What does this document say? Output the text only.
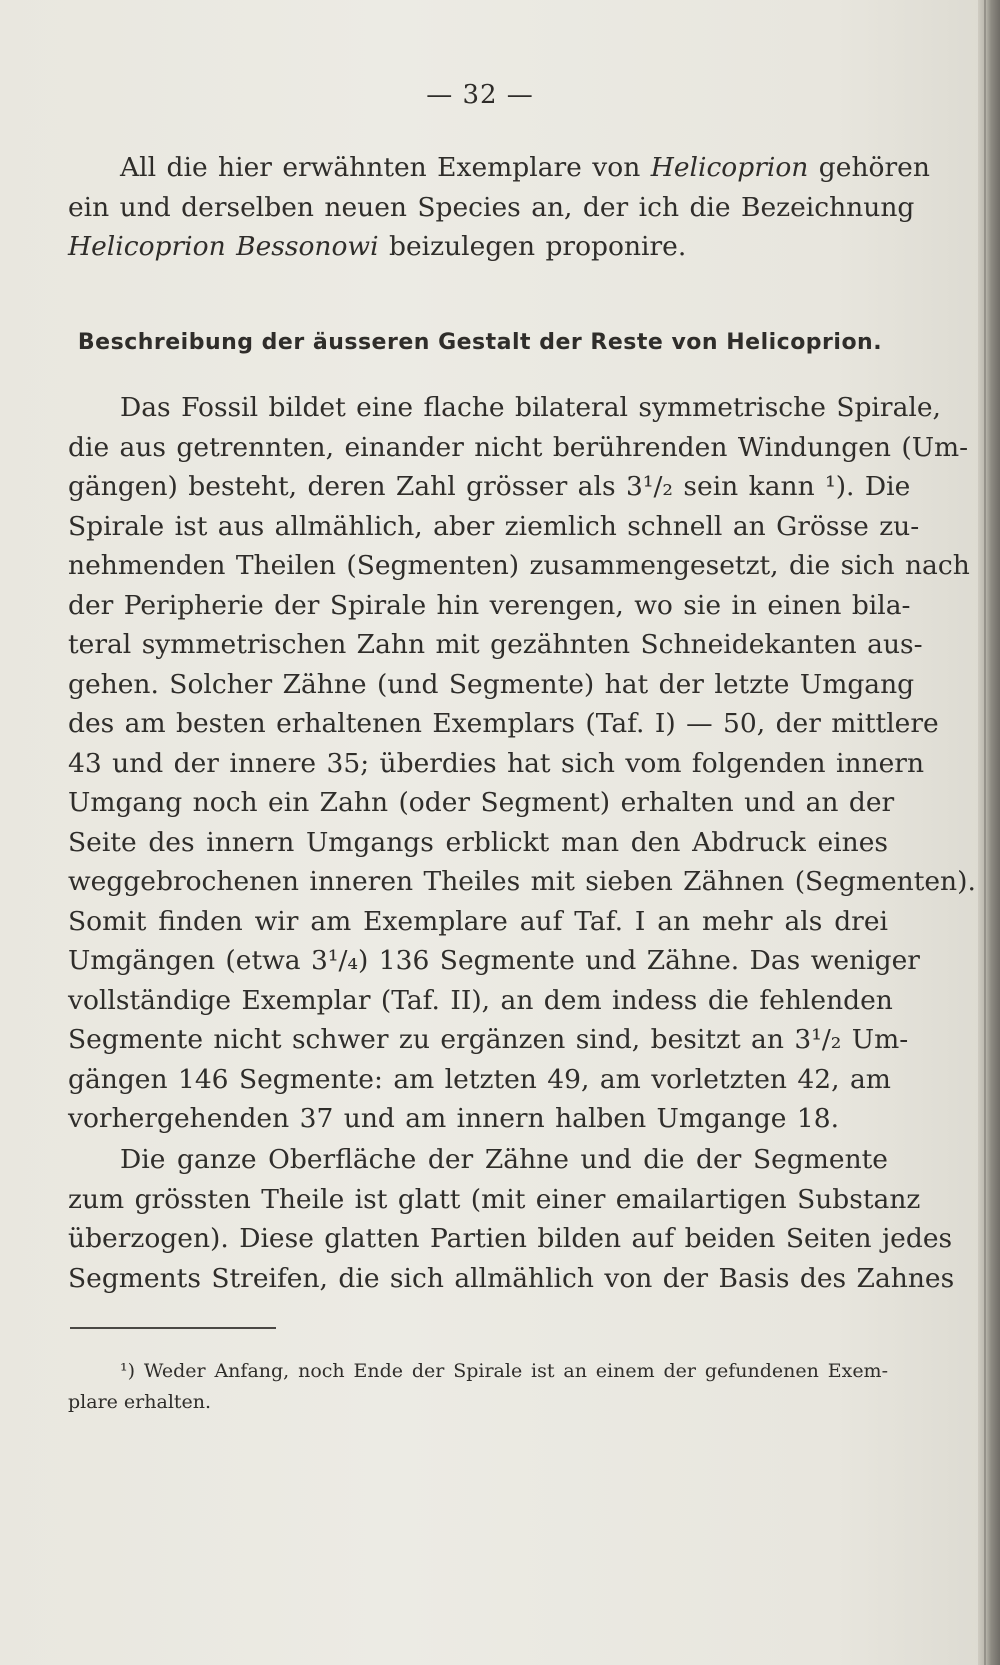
— 32 —
All die hier erwähnten Exemplare von Helicoprion gehören
ein und derselben neuen Species an, der ich die Bezeichnung
Helicoprion Bessonowi beizulegen proponire.
Beschreibung der äusseren Gestalt der Reste von Helicoprion.
Das Fossil bildet eine flache bilateral symmetrische Spirale,
die aus getrennten, einander nicht berührenden Windungen (Um-
gängen) besteht, deren Zahl grösser als 3¹/₂ sein kann ¹). Die
Spirale ist aus allmählich, aber ziemlich schnell an Grösse zu-
nehmenden Theilen (Segmenten) zusammengesetzt, die sich nach
der Peripherie der Spirale hin verengen, wo sie in einen bila-
teral symmetrischen Zahn mit gezähnten Schneidekanten aus-
gehen. Solcher Zähne (und Segmente) hat der letzte Umgang
des am besten erhaltenen Exemplars (Taf. I) — 50, der mittlere
43 und der innere 35; überdies hat sich vom folgenden innern
Umgang noch ein Zahn (oder Segment) erhalten und an der
Seite des innern Umgangs erblickt man den Abdruck eines
weggebrochenen inneren Theiles mit sieben Zähnen (Segmenten).
Somit finden wir am Exemplare auf Taf. I an mehr als drei
Umgängen (etwa 3¹/₄) 136 Segmente und Zähne. Das weniger
vollständige Exemplar (Taf. II), an dem indess die fehlenden
Segmente nicht schwer zu ergänzen sind, besitzt an 3¹/₂ Um-
gängen 146 Segmente: am letzten 49, am vorletzten 42, am
vorhergehenden 37 und am innern halben Umgange 18.
Die ganze Oberfläche der Zähne und die der Segmente
zum grössten Theile ist glatt (mit einer emailartigen Substanz
überzogen). Diese glatten Partien bilden auf beiden Seiten jedes
Segments Streifen, die sich allmählich von der Basis des Zahnes
¹) Weder Anfang, noch Ende der Spirale ist an einem der gefundenen Exem-
plare erhalten.
